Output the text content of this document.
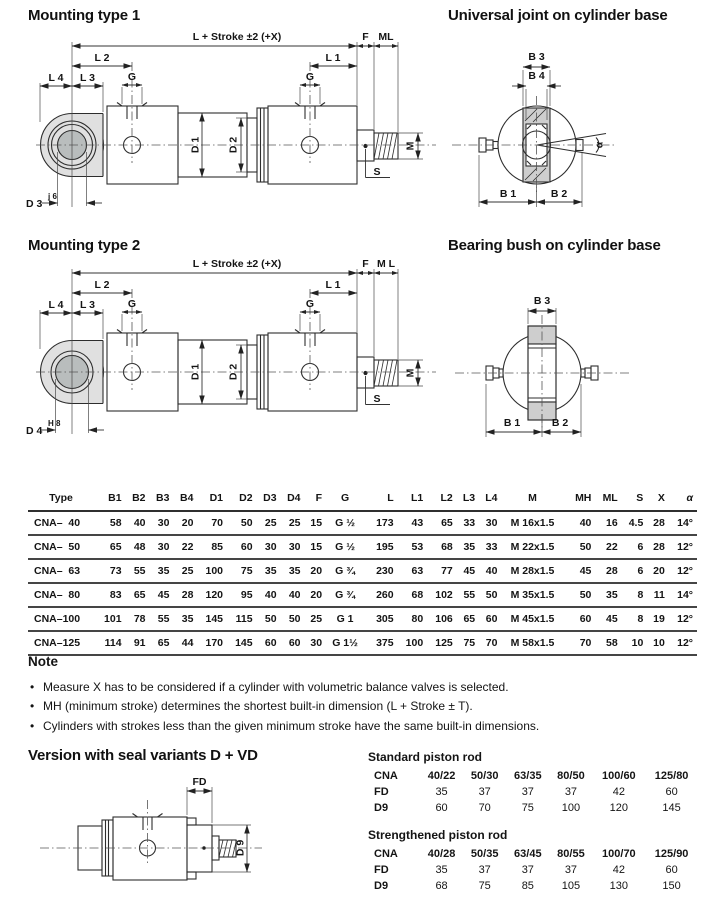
Mounting type 1	Universal joint on cylinder base
Mounting type 2	Bearing bush on cylinder base
L + Stroke ±2 (+X)	F ML
L 2	L 1
L 4 L 3	G	G
D 1 D 2
D 3
j 6
M
S
B 3
B 4
B 1	B 2
α
L + Stroke ±2 (+X)	F M L
L 2	L 1
L 4 L 3	G	G
D 1 D 2
D 4
H 8
M
S
B 3
B 1	B 2
Type	B1	B2	B3	B4	D1	D2	D3	D4	F	G	L	L1	L2	L3	L4	M	MH	ML	S	X	α
CNA–  40	58	40	30	20	70	50	25	25	15	G ½	173	43	65	33	30	M 16x1.5	40	16	4.5	28	14°
CNA–  50	65	48	30	22	85	60	30	30	15	G ½	195	53	68	35	33	M 22x1.5	50	22	6	28	12°
CNA–  63	73	55	35	25	100	75	35	35	20	G ¾	230	63	77	45	40	M 28x1.5	45	28	6	20	12°
CNA–  80	83	65	45	28	120	95	40	40	20	G ¾	260	68	102	55	50	M 35x1.5	50	35	8	11	14°
CNA–100	101	78	55	35	145	115	50	50	25	G 1	305	80	106	65	60	M 45x1.5	60	45	8	19	12°
CNA–125	114	91	65	44	170	145	60	60	30	G 1½	375	100	125	75	70	M 58x1.5	70	58	10	10	12°
Note
• Measure X has to be considered if a cylinder with volumetric balance valves is selected.
• MH (minimum stroke) determines the shortest built-in dimension (L + Stroke ± T).
• Cylinders with strokes less than the given minimum stroke have the same built-in dimensions.
Version with seal variants D + VD
FD
D 9
Standard piston rod
CNA	40/22	50/30	63/35	80/50	100/60	125/80
FD	35	37	37	37	42	60
D9	60	70	75	100	120	145
Strengthened piston rod
CNA	40/28	50/35	63/45	80/55	100/70	125/90
FD	35	37	37	37	42	60
D9	68	75	85	105	130	150
